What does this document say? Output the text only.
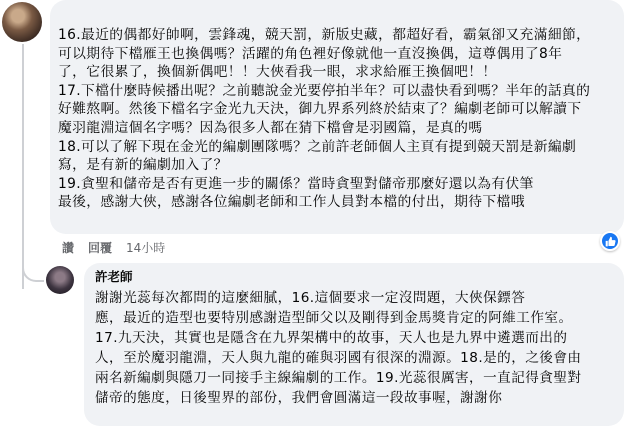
16.最近的偶都好帥啊，雲鋒魂，競天罰，新版史藏，都超好看，霸氣卻又充滿細節，
可以期待下檔雁王也換偶嗎？活躍的角色裡好像就他一直沒換偶，這尊偶用了8年
了，它很累了，換個新偶吧！！大俠看我一眼，求求給雁王換個吧！！
17.下檔什麼時候播出呢？之前聽說金光要停拍半年？可以盡快看到嗎？半年的話真的
好難熬啊。然後下檔名字金光九天決，御九界系列終於結束了？編劇老師可以解讀下
魔羽龍淵這個名字嗎？因為很多人都在猜下檔會是羽國篇，是真的嗎
18.可以了解下現在金光的編劇團隊嗎？之前許老師個人主頁有提到競天罰是新編劇
寫，是有新的編劇加入了？
19.貪聖和儲帝是否有更進一步的關係？當時貪聖對儲帝那麼好還以為有伏筆
最後，感謝大俠，感謝各位編劇老師和工作人員對本檔的付出，期待下檔哦
讚 回覆 14小時
許老師
謝謝光蕊每次都問的這麼細膩，16.這個要求一定沒問題，大俠保鏢答
應，最近的造型也要特別感謝造型師父以及剛得到金馬獎肯定的阿維工作室。
17.九天決，其實也是隱含在九界架構中的故事，天人也是九界中遴選而出的
人，至於魔羽龍淵，天人與九龍的確與羽國有很深的淵源。18.是的，之後會由
兩名新編劇與隱刀一同接手主線編劇的工作。19.光蕊很厲害，一直記得貪聖對
儲帝的態度，日後聖界的部份，我們會圓滿這一段故事喔，謝謝你
